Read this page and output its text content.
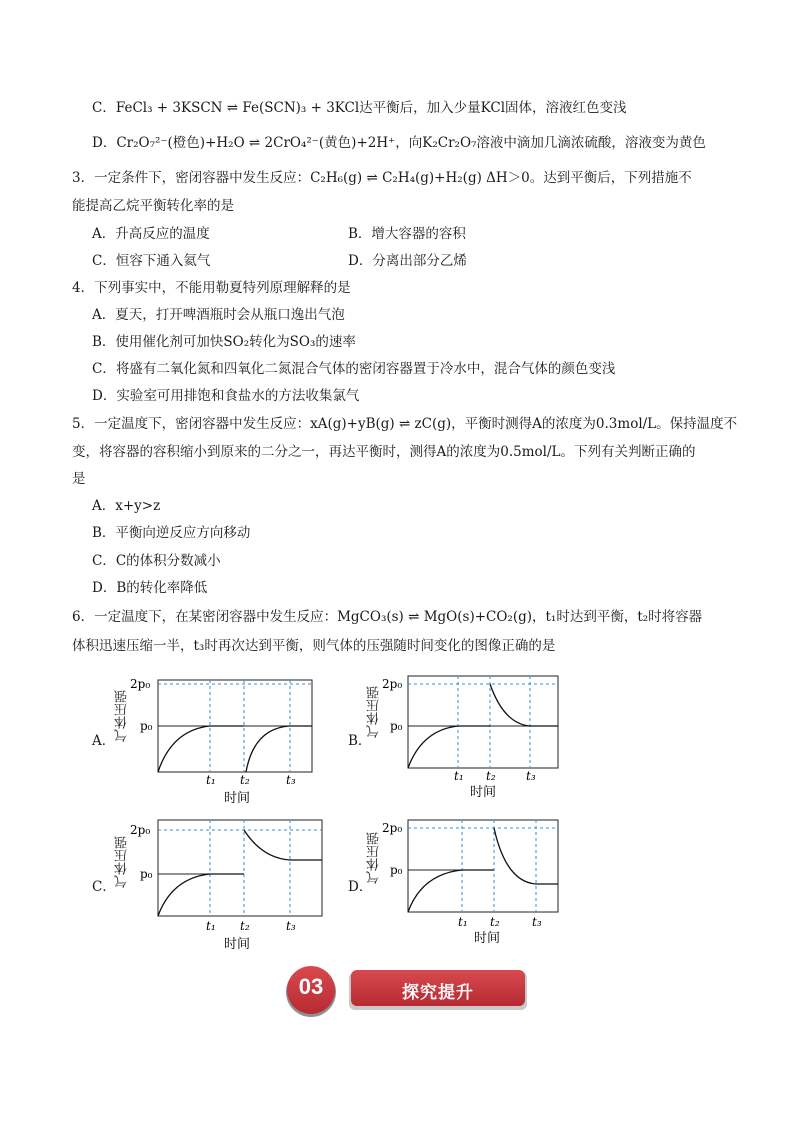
C．FeCl₃ + 3KSCN ⇌ Fe(SCN)₃ + 3KCl达平衡后，加入少量KCl固体，溶液红色变浅
D．Cr₂O₇²⁻(橙色)+H₂O ⇌ 2CrO₄²⁻(黄色)+2H⁺，向K₂Cr₂O₇溶液中滴加几滴浓硫酸，溶液变为黄色
3．一定条件下，密闭容器中发生反应：C₂H₆(g) ⇌ C₂H₄(g)+H₂(g) ΔH＞0。达到平衡后，下列措施不
能提高乙烷平衡转化率的是
A．升高反应的温度	B．增大容器的容积
C．恒容下通入氦气	D．分离出部分乙烯
4．下列事实中，不能用勒夏特列原理解释的是
A．夏天，打开啤酒瓶时会从瓶口逸出气泡
B．使用催化剂可加快SO₂转化为SO₃的速率
C．将盛有二氧化氮和四氧化二氮混合气体的密闭容器置于冷水中，混合气体的颜色变浅
D．实验室可用排饱和食盐水的方法收集氯气
5．一定温度下，密闭容器中发生反应：xA(g)+yB(g) ⇌ zC(g)，平衡时测得A的浓度为0.3mol/L。保持温度不
变，将容器的容积缩小到原来的二分之一，再达平衡时，测得A的浓度为0.5mol/L。下列有关判断正确的
是
A．x+y>z
B．平衡向逆反应方向移动
C．C的体积分数减小
D．B的转化率降低
6．一定温度下，在某密闭容器中发生反应：MgCO₃(s) ⇌ MgO(s)+CO₂(g)，t₁时达到平衡，t₂时将容器
体积迅速压缩一半，t₃时再次达到平衡，则气体的压强随时间变化的图像正确的是
A．	B．
C．	D．
2p₀
p₀
t₁ t₂	t₃
时间
2p₀
p₀
t₁ t₂	t₃
时间
2p₀
p₀
t₁ t₂	t₃
时间
2p₀
p₀
t₁ t₂	t₃
时间
气体压强	气体压强
气体压强	气体压强
03	探究提升
